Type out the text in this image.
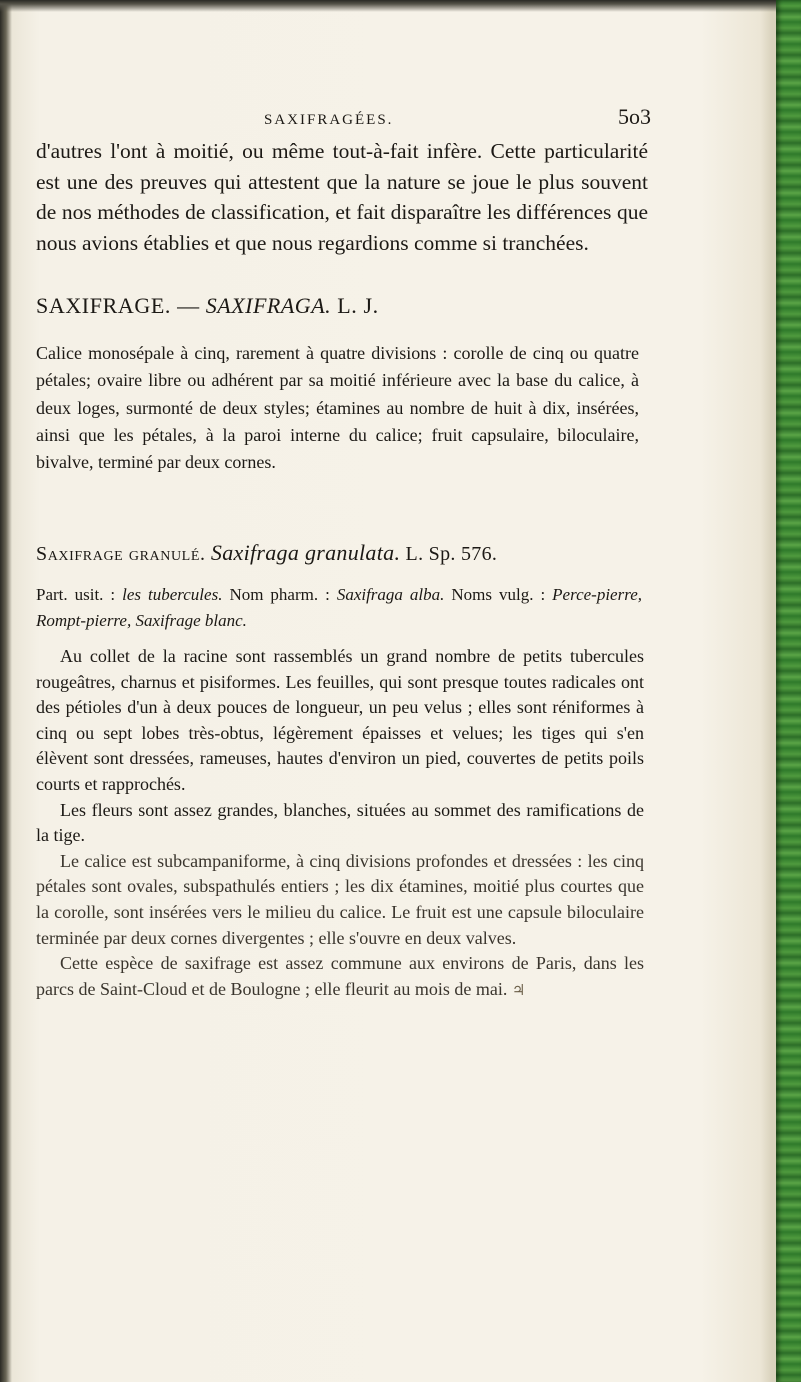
SAXIFRAGÉES.	5o3

d'autres l'ont à moitié, ou même tout-à-fait infère. Cette particularité est une des preuves qui attestent que la nature se joue le plus souvent de nos méthodes de classification, et fait disparaître les différences que nous avions établies et que nous regardions comme si tranchées.

SAXIFRAGE. — SAXIFRAGA. L. J.

Calice monosépale à cinq, rarement à quatre divisions : corolle de cinq ou quatre pétales; ovaire libre ou adhérent par sa moitié inférieure avec la base du calice, à deux loges, surmonté de deux styles; étamines au nombre de huit à dix, insérées, ainsi que les pétales, à la paroi interne du calice; fruit capsulaire, biloculaire, bivalve, terminé par deux cornes.

Saxifrage granulé. Saxifraga granulata. L. Sp. 576.

Part. usit. : les tubercules. Nom pharm. : Saxifraga alba. Noms vulg. : Perce-pierre, Rompt-pierre, Saxifrage blanc.

Au collet de la racine sont rassemblés un grand nombre de petits tubercules rougeâtres, charnus et pisiformes. Les feuilles, qui sont presque toutes radicales ont des pétioles d'un à deux pouces de longueur, un peu velus ; elles sont réniformes à cinq ou sept lobes très-obtus, légèrement épaisses et velues; les tiges qui s'en élèvent sont dressées, rameuses, hautes d'environ un pied, couvertes de petits poils courts et rapprochés.

Les fleurs sont assez grandes, blanches, situées au sommet des ramifications de la tige.

Le calice est subcampaniforme, à cinq divisions profondes et dressées : les cinq pétales sont ovales, subspathulés entiers ; les dix étamines, moitié plus courtes que la corolle, sont insérées vers le milieu du calice. Le fruit est une capsule biloculaire terminée par deux cornes divergentes ; elle s'ouvre en deux valves.

Cette espèce de saxifrage est assez commune aux environs de Paris, dans les parcs de Saint-Cloud et de Boulogne ; elle fleurit au mois de mai. ♃
